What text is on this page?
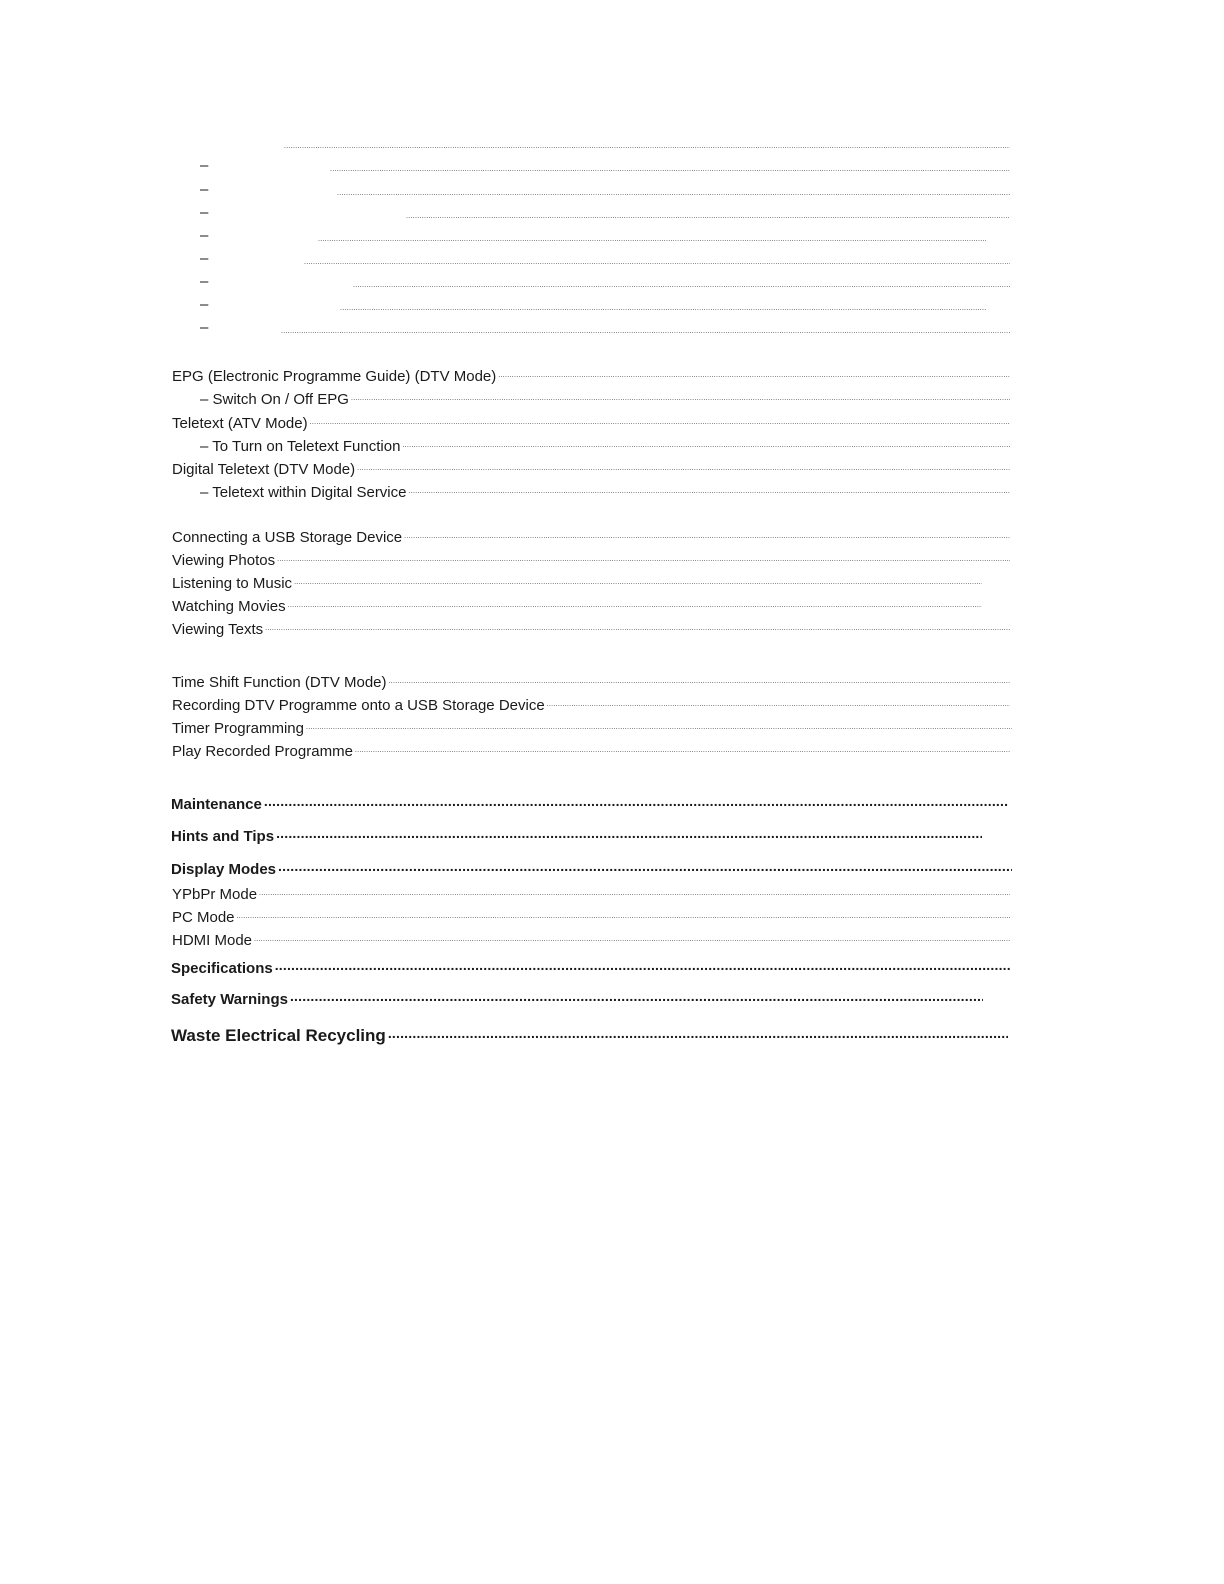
.....
–
.....
–
.....
–
.....
–
.....
–
.....
–
.....
–
.....
–
.....
EPG (Electronic Programme Guide) (DTV Mode)
.....
– Switch On / Off EPG
.....
Teletext (ATV Mode)
.....
– To Turn on Teletext Function
.....
Digital Teletext (DTV Mode)
.....
– Teletext within Digital Service
.....
Connecting a USB Storage Device
.....
Viewing Photos
.....
Listening to Music
.....
Watching Movies
.....
Viewing Texts
.....
Time Shift Function (DTV Mode)
.....
Recording DTV Programme onto a USB Storage Device
.....
Timer Programming
.....
Play Recorded Programme
.....
Maintenance
.....
Hints and Tips
.....
Display Modes
.....
YPbPr Mode
.....
PC Mode
.....
HDMI Mode
.....
Specifications
.....
Safety Warnings
.....
Waste Electrical Recycling
.....
